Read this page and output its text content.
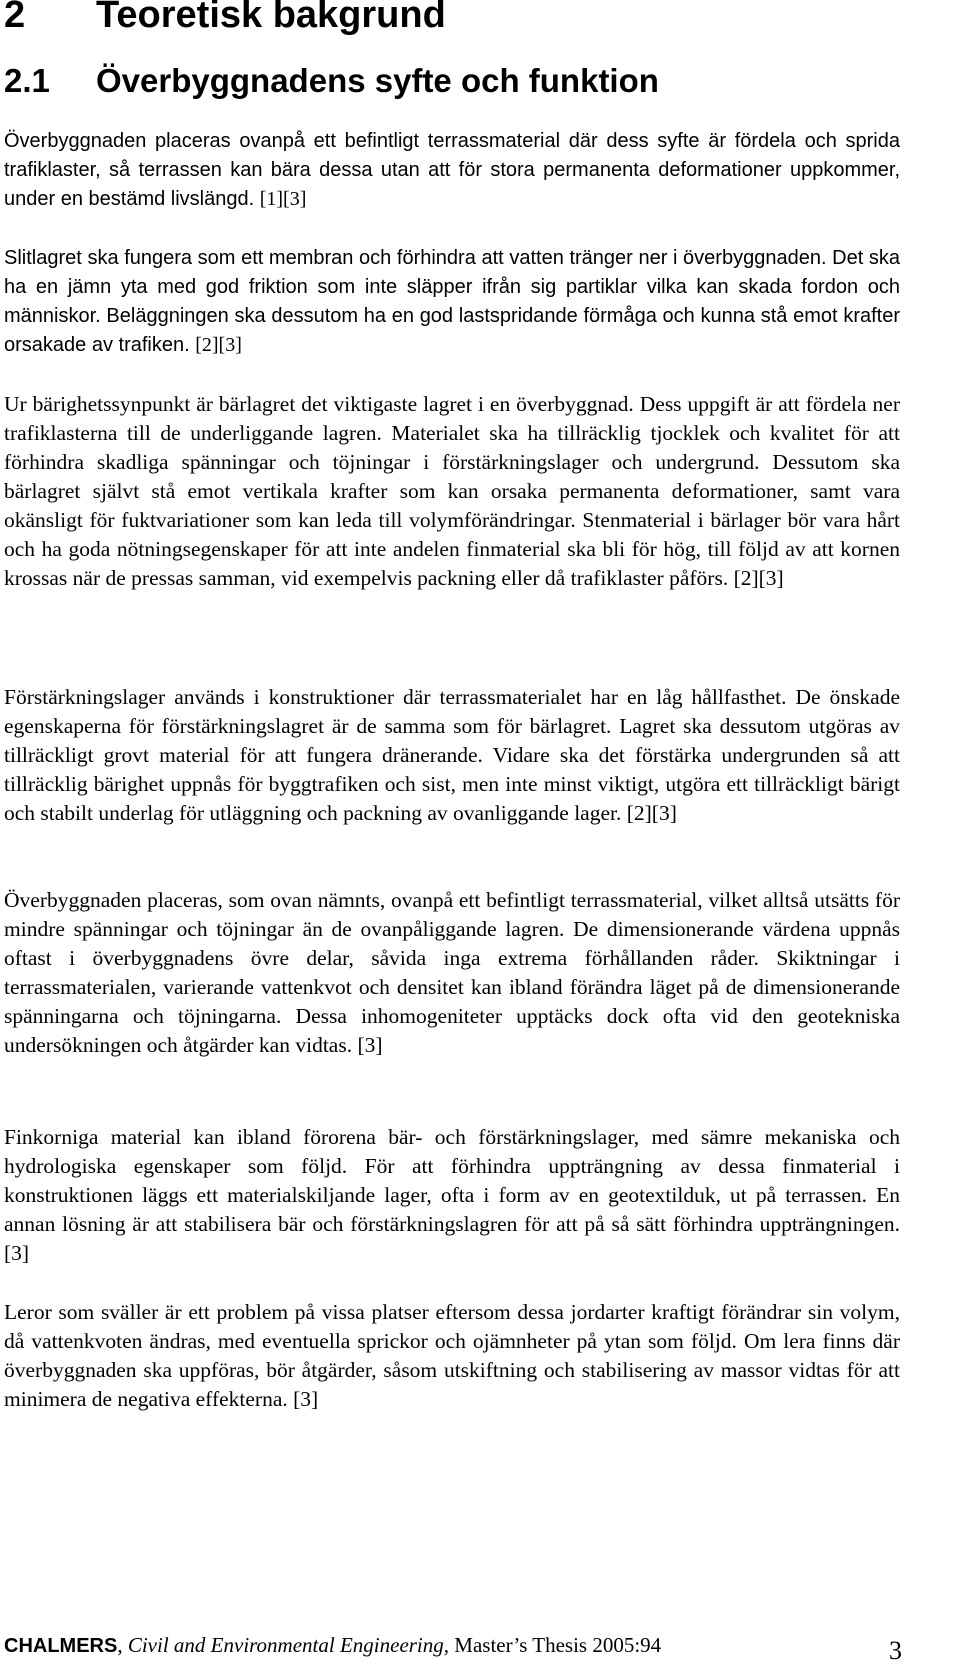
2 Teoretisk bakgrund
2.1 Överbyggnadens syfte och funktion

Överbyggnaden placeras ovanpå ett befintligt terrassmaterial där dess syfte är fördela och sprida trafiklaster, så terrassen kan bära dessa utan att för stora permanenta deformationer uppkommer, under en bestämd livslängd. [1][3]

Slitlagret ska fungera som ett membran och förhindra att vatten tränger ner i överbyggnaden. Det ska ha en jämn yta med god friktion som inte släpper ifrån sig partiklar vilka kan skada fordon och människor. Beläggningen ska dessutom ha en god lastspridande förmåga och kunna stå emot krafter orsakade av trafiken. [2][3]

Ur bärighetssynpunkt är bärlagret det viktigaste lagret i en överbyggnad. Dess uppgift är att fördela ner trafiklasterna till de underliggande lagren. Materialet ska ha tillräcklig tjocklek och kvalitet för att förhindra skadliga spänningar och töjningar i förstärkningslager och undergrund. Dessutom ska bärlagret självt stå emot vertikala krafter som kan orsaka permanenta deformationer, samt vara okänsligt för fuktvariationer som kan leda till volymförändringar. Stenmaterial i bärlager bör vara hårt och ha goda nötningsegenskaper för att inte andelen finmaterial ska bli för hög, till följd av att kornen krossas när de pressas samman, vid exempelvis packning eller då trafiklaster påförs. [2][3]

Förstärkningslager används i konstruktioner där terrassmaterialet har en låg hållfasthet. De önskade egenskaperna för förstärkningslagret är de samma som för bärlagret. Lagret ska dessutom utgöras av tillräckligt grovt material för att fungera dränerande. Vidare ska det förstärka undergrunden så att tillräcklig bärighet uppnås för byggtrafiken och sist, men inte minst viktigt, utgöra ett tillräckligt bärigt och stabilt underlag för utläggning och packning av ovanliggande lager. [2][3]

Överbyggnaden placeras, som ovan nämnts, ovanpå ett befintligt terrassmaterial, vilket alltså utsätts för mindre spänningar och töjningar än de ovanpåliggande lagren. De dimensionerande värdena uppnås oftast i överbyggnadens övre delar, såvida inga extrema förhållanden råder. Skiktningar i terrassmaterialen, varierande vattenkvot och densitet kan ibland förändra läget på de dimensionerande spänningarna och töjningarna. Dessa inhomogeniteter upptäcks dock ofta vid den geotekniska undersökningen och åtgärder kan vidtas. [3]

Finkorniga material kan ibland förorena bär- och förstärkningslager, med sämre mekaniska och hydrologiska egenskaper som följd. För att förhindra uppträngning av dessa finmaterial i konstruktionen läggs ett materialskiljande lager, ofta i form av en geotextilduk, ut på terrassen. En annan lösning är att stabilisera bär och förstärkningslagren för att på så sätt förhindra uppträngningen. [3]

Leror som sväller är ett problem på vissa platser eftersom dessa jordarter kraftigt förändrar sin volym, då vattenkvoten ändras, med eventuella sprickor och ojämnheter på ytan som följd. Om lera finns där överbyggnaden ska uppföras, bör åtgärder, såsom utskiftning och stabilisering av massor vidtas för att minimera de negativa effekterna. [3]

CHALMERS, Civil and Environmental Engineering, Master’s Thesis 2005:94	3
